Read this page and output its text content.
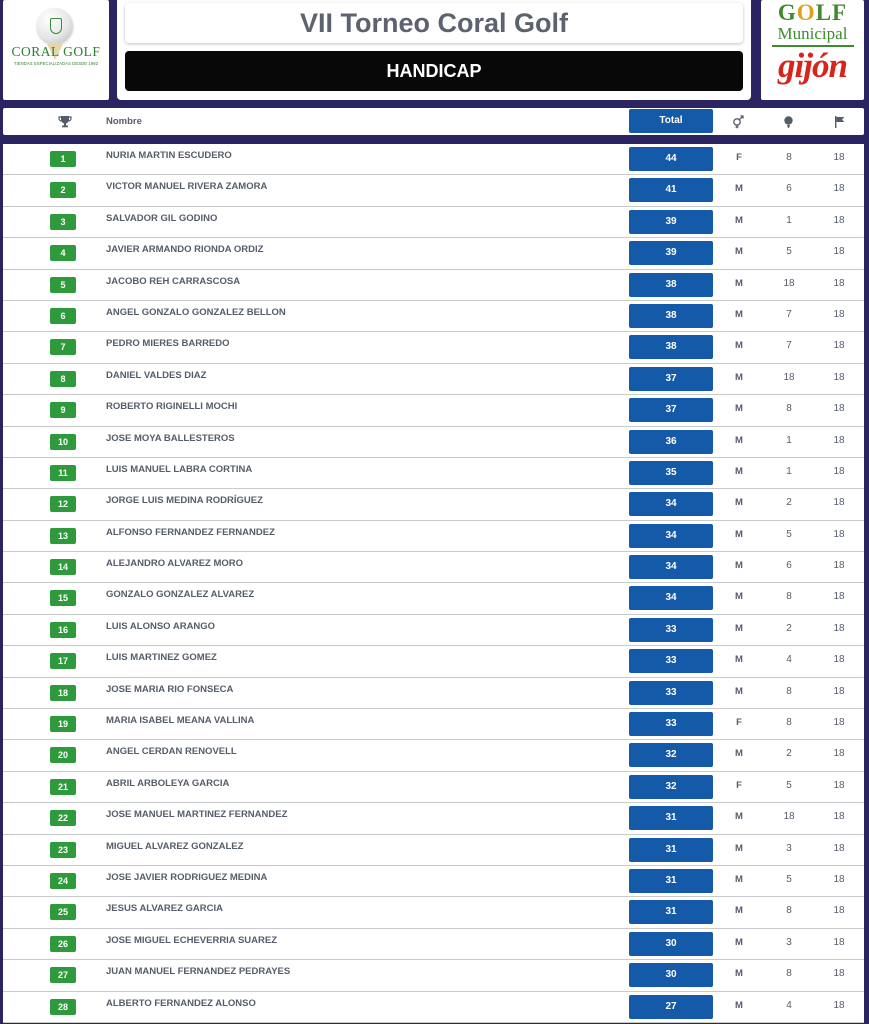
CORAL GOLF
TIENDAS ESPECIALIZADAS DESDE 1982
VII Torneo Coral Golf
HANDICAP
GOLF
Municipal
gijón
Nombre	Total
1	NURIA MARTIN ESCUDERO	44	F	8	18
2	VICTOR MANUEL RIVERA ZAMORA	41	M	6	18
3	SALVADOR GIL GODINO	39	M	1	18
4	JAVIER ARMANDO RIONDA ORDIZ	39	M	5	18
5	JACOBO REH CARRASCOSA	38	M	18	18
6	ANGEL GONZALO GONZALEZ BELLON	38	M	7	18
7	PEDRO MIERES BARREDO	38	M	7	18
8	DANIEL VALDES DIAZ	37	M	18	18
9	ROBERTO RIGINELLI MOCHI	37	M	8	18
10	JOSE MOYA BALLESTEROS	36	M	1	18
11	LUIS MANUEL LABRA CORTINA	35	M	1	18
12	JORGE LUIS MEDINA RODRÍGUEZ	34	M	2	18
13	ALFONSO FERNANDEZ FERNANDEZ	34	M	5	18
14	ALEJANDRO ALVAREZ MORO	34	M	6	18
15	GONZALO GONZALEZ ALVAREZ	34	M	8	18
16	LUIS ALONSO ARANGO	33	M	2	18
17	LUIS MARTINEZ GOMEZ	33	M	4	18
18	JOSE MARIA RIO FONSECA	33	M	8	18
19	MARIA ISABEL MEANA VALLINA	33	F	8	18
20	ANGEL CERDAN RENOVELL	32	M	2	18
21	ABRIL ARBOLEYA GARCIA	32	F	5	18
22	JOSE MANUEL MARTINEZ FERNANDEZ	31	M	18	18
23	MIGUEL ALVAREZ GONZALEZ	31	M	3	18
24	JOSE JAVIER RODRIGUEZ MEDINA	31	M	5	18
25	JESUS ALVAREZ GARCIA	31	M	8	18
26	JOSE MIGUEL ECHEVERRIA SUAREZ	30	M	3	18
27	JUAN MANUEL FERNANDEZ PEDRAYES	30	M	8	18
28	ALBERTO FERNANDEZ ALONSO	27	M	4	18
